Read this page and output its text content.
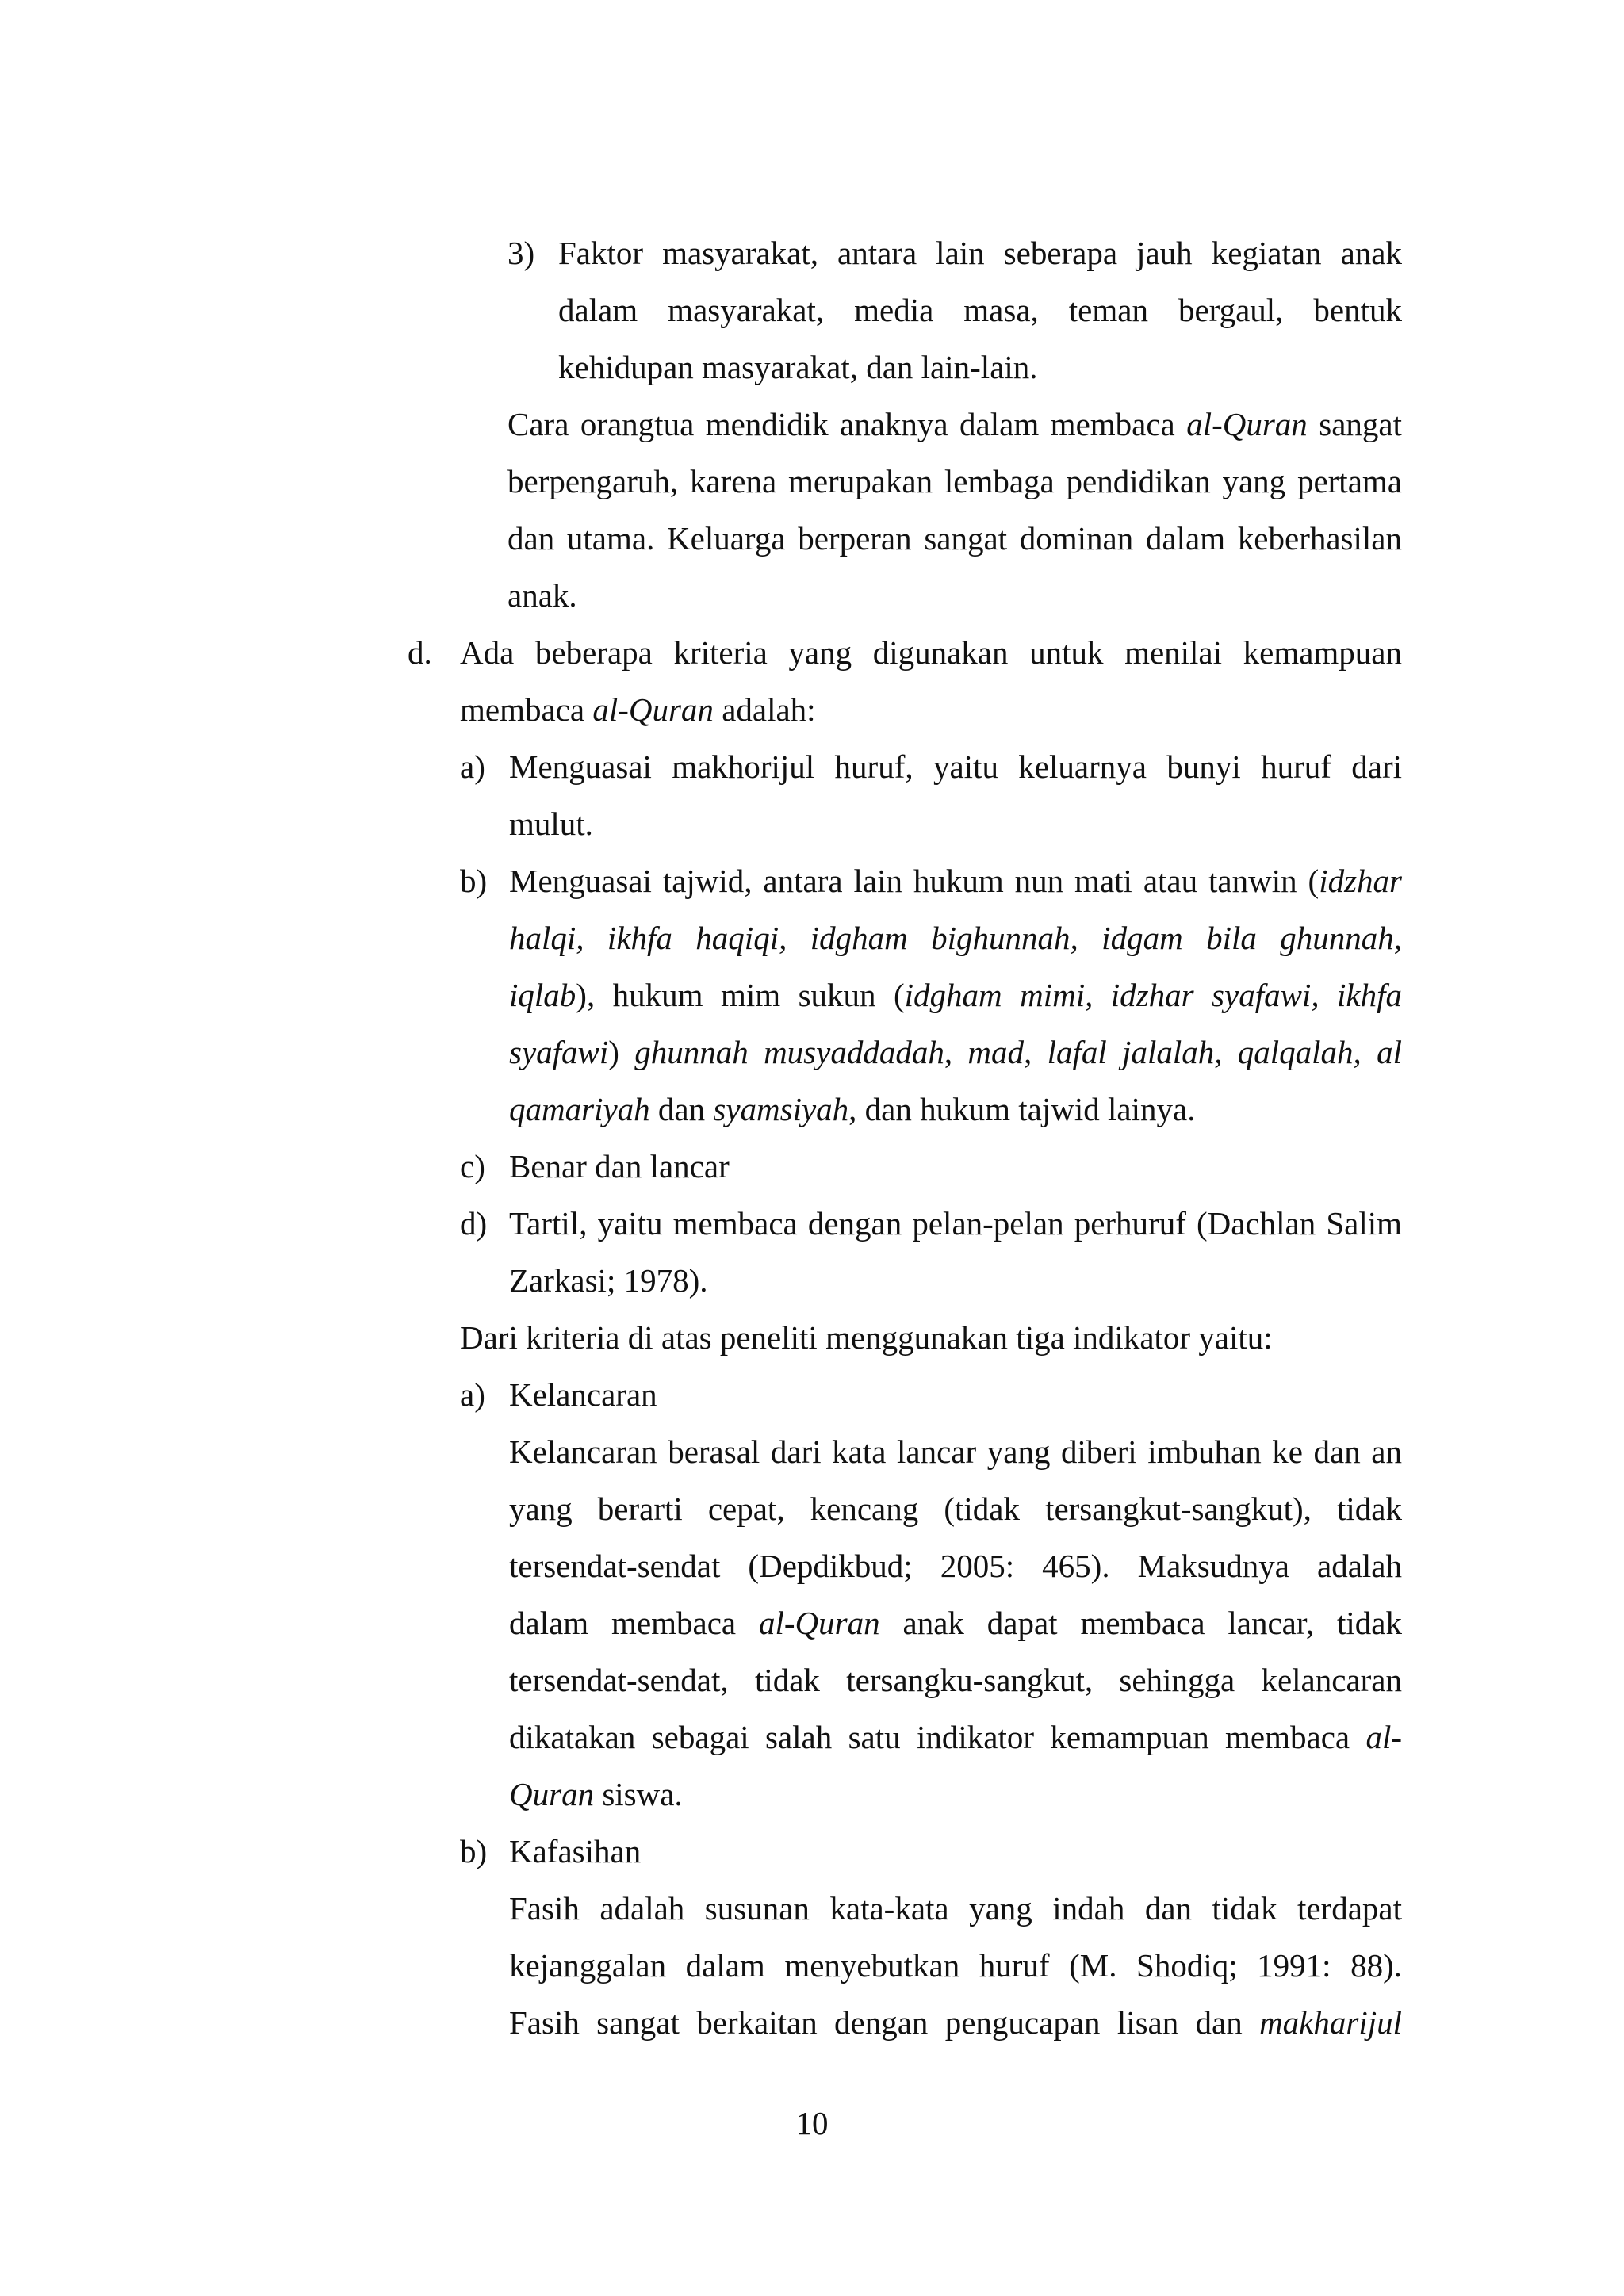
3) Faktor masyarakat, antara lain seberapa jauh kegiatan anak
dalam masyarakat, media masa, teman bergaul, bentuk
kehidupan masyarakat, dan lain-lain.
Cara orangtua mendidik anaknya dalam membaca al-Quran sangat
berpengaruh, karena merupakan lembaga pendidikan yang pertama
dan utama. Keluarga berperan sangat dominan dalam keberhasilan
anak.
d. Ada beberapa kriteria yang digunakan untuk menilai kemampuan
membaca al-Quran adalah:
a) Menguasai makhorijul huruf, yaitu keluarnya bunyi huruf dari
mulut.
b) Menguasai tajwid, antara lain hukum nun mati atau tanwin (idzhar
halqi, ikhfa haqiqi, idgham bighunnah, idgam bila ghunnah,
iqlab), hukum mim sukun (idgham mimi, idzhar syafawi, ikhfa
syafawi) ghunnah musyaddadah, mad, lafal jalalah, qalqalah, al
qamariyah dan syamsiyah, dan hukum tajwid lainya.
c) Benar dan lancar
d) Tartil, yaitu membaca dengan pelan-pelan perhuruf (Dachlan Salim
Zarkasi; 1978).
Dari kriteria di atas peneliti menggunakan tiga indikator yaitu:
a) Kelancaran
Kelancaran berasal dari kata lancar yang diberi imbuhan ke dan an
yang berarti cepat, kencang (tidak tersangkut-sangkut), tidak
tersendat-sendat (Depdikbud; 2005: 465). Maksudnya adalah
dalam membaca al-Quran anak dapat membaca lancar, tidak
tersendat-sendat, tidak tersangku-sangkut, sehingga kelancaran
dikatakan sebagai salah satu indikator kemampuan membaca al-
Quran siswa.
b) Kafasihan
Fasih adalah susunan kata-kata yang indah dan tidak terdapat
kejanggalan dalam menyebutkan huruf (M. Shodiq; 1991: 88).
Fasih sangat berkaitan dengan pengucapan lisan dan makharijul
10
